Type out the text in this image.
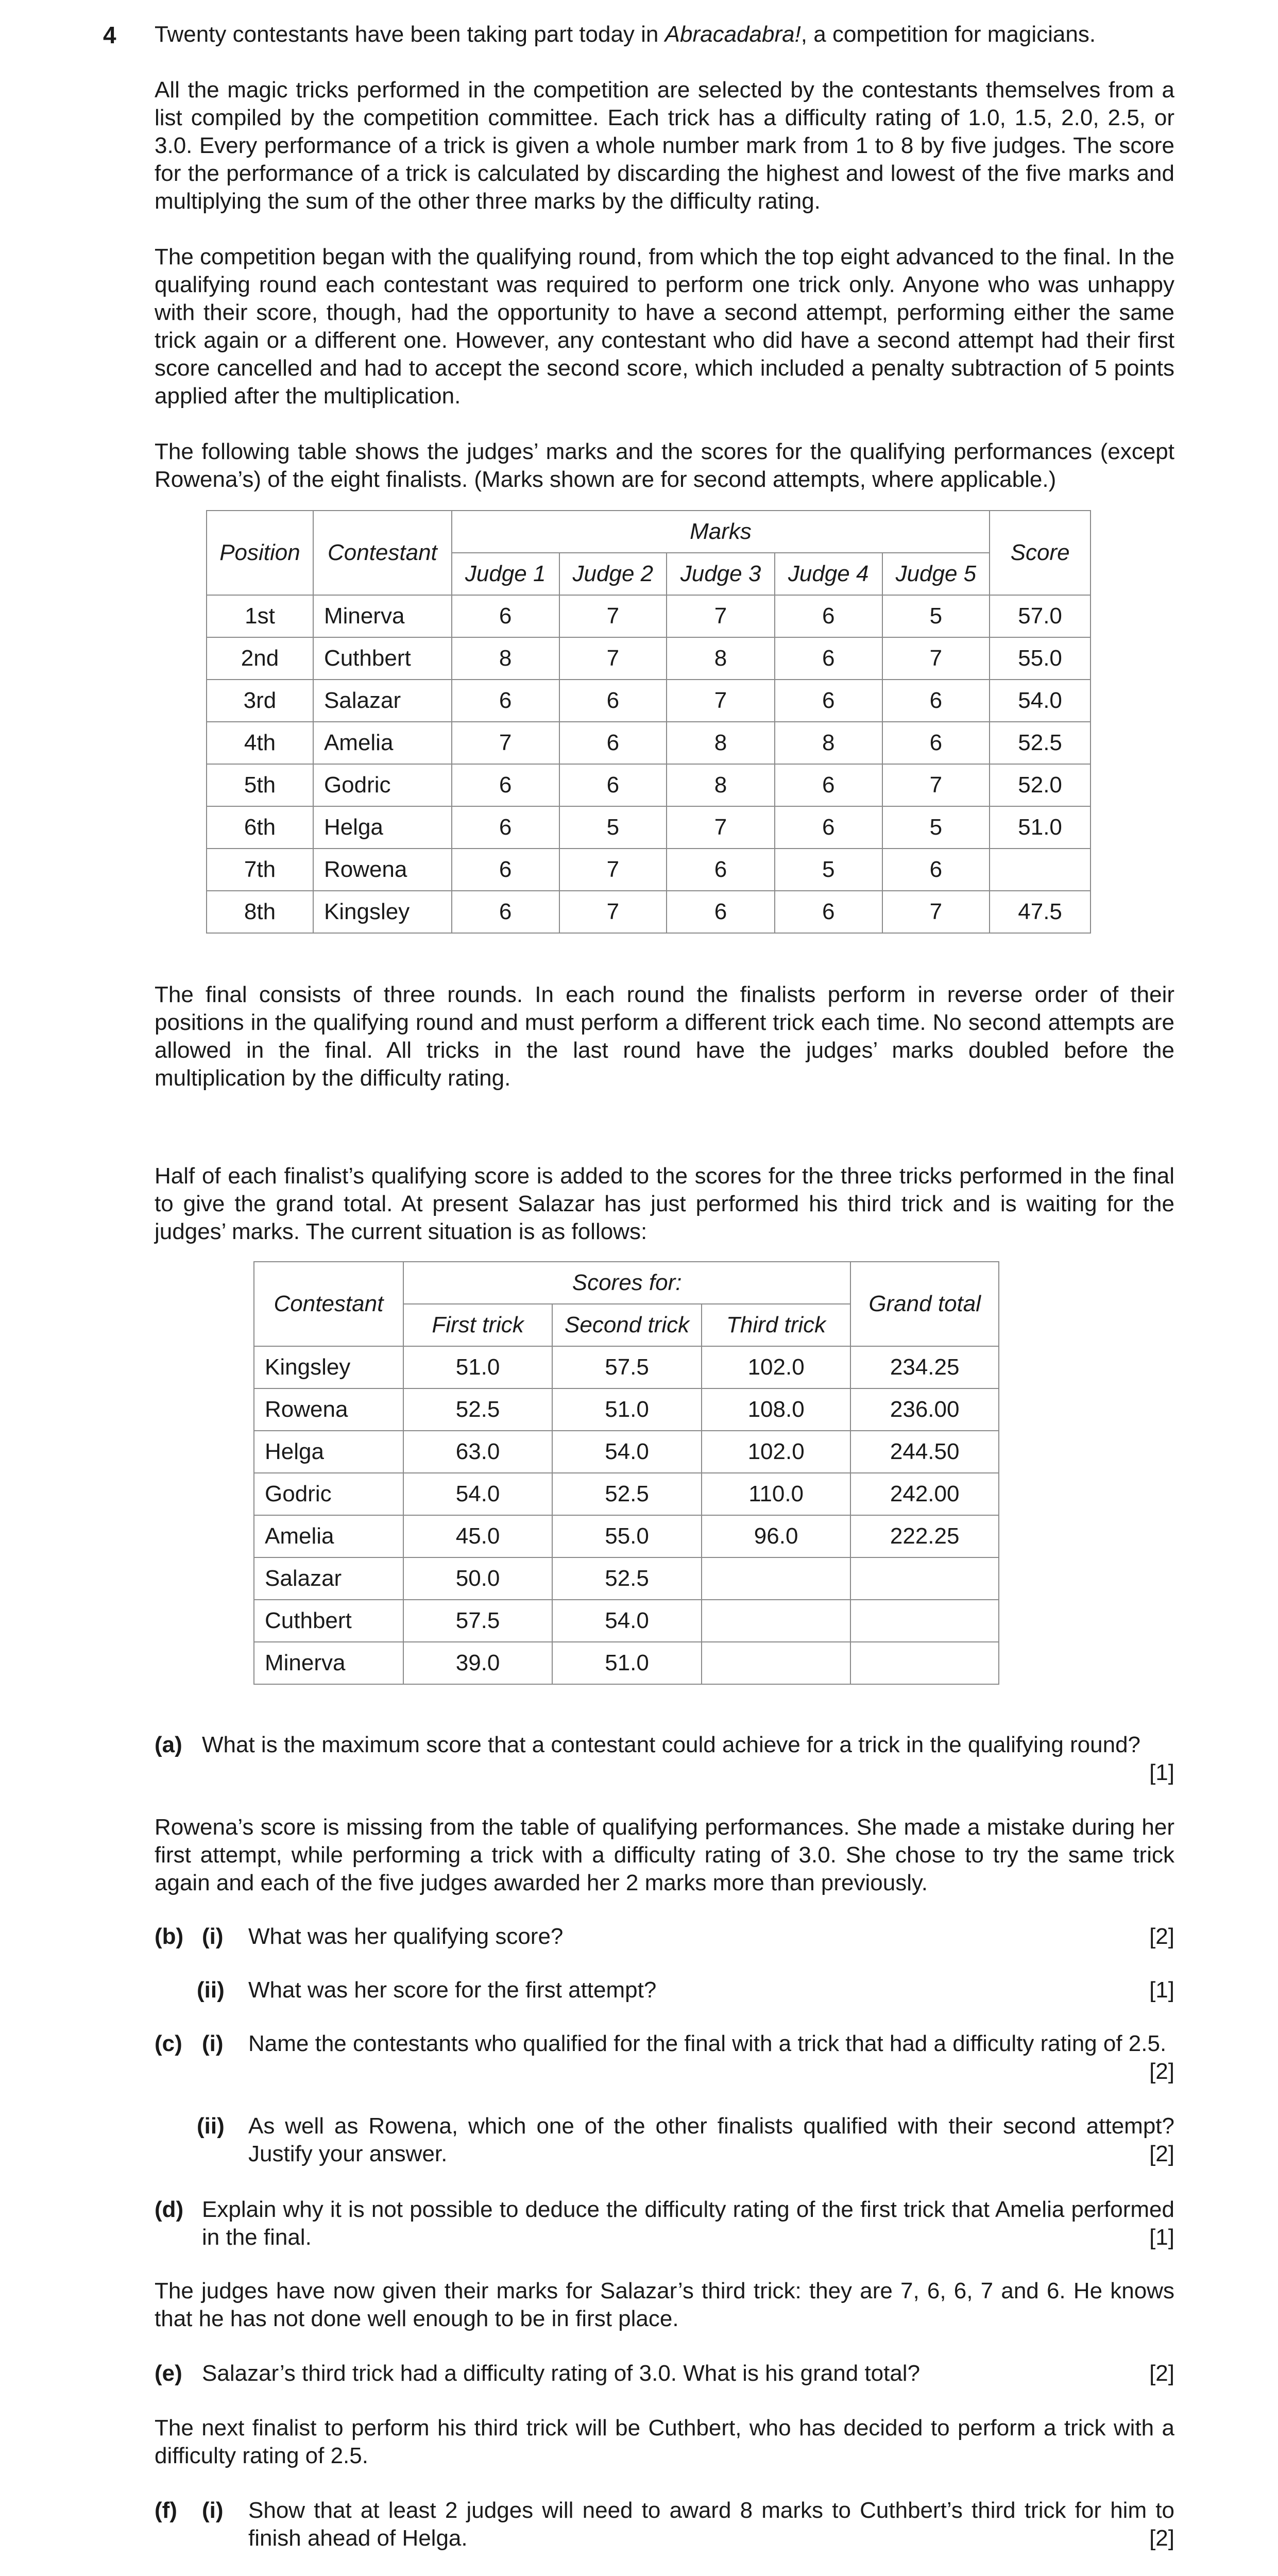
4 Twenty contestants have been taking part today in Abracadabra!, a competition for magicians.

All the magic tricks performed in the competition are selected by the contestants themselves from a list compiled by the competition committee. Each trick has a difficulty rating of 1.0, 1.5, 2.0, 2.5, or 3.0. Every performance of a trick is given a whole number mark from 1 to 8 by five judges. The score for the performance of a trick is calculated by discarding the highest and lowest of the five marks and multiplying the sum of the other three marks by the difficulty rating.

The competition began with the qualifying round, from which the top eight advanced to the final. In the qualifying round each contestant was required to perform one trick only. Anyone who was unhappy with their score, though, had the opportunity to have a second attempt, performing either the same trick again or a different one. However, any contestant who did have a second attempt had their first score cancelled and had to accept the second score, which included a penalty subtraction of 5 points applied after the multiplication.

The following table shows the judges’ marks and the scores for the qualifying performances (except Rowena’s) of the eight finalists. (Marks shown are for second attempts, where applicable.)

Position	Contestant	Marks					Score
		Judge 1	Judge 2	Judge 3	Judge 4	Judge 5	
1st	Minerva	6	7	7	6	5	57.0
2nd	Cuthbert	8	7	8	6	7	55.0
3rd	Salazar	6	6	7	6	6	54.0
4th	Amelia	7	6	8	8	6	52.5
5th	Godric	6	6	8	6	7	52.0
6th	Helga	6	5	7	6	5	51.0
7th	Rowena	6	7	6	5	6	
8th	Kingsley	6	7	6	6	7	47.5

The final consists of three rounds. In each round the finalists perform in reverse order of their positions in the qualifying round and must perform a different trick each time. No second attempts are allowed in the final. All tricks in the last round have the judges’ marks doubled before the multiplication by the difficulty rating.

Half of each finalist’s qualifying score is added to the scores for the three tricks performed in the final to give the grand total. At present Salazar has just performed his third trick and is waiting for the judges’ marks. The current situation is as follows:

Contestant	Scores for:			Grand total
	First trick	Second trick	Third trick	
Kingsley	51.0	57.5	102.0	234.25
Rowena	52.5	51.0	108.0	236.00
Helga	63.0	54.0	102.0	244.50
Godric	54.0	52.5	110.0	242.00
Amelia	45.0	55.0	96.0	222.25
Salazar	50.0	52.5		
Cuthbert	57.5	54.0		
Minerva	39.0	51.0		
(a) What is the maximum score that a contestant could achieve for a trick in the qualifying round?
[1]

Rowena’s score is missing from the table of qualifying performances. She made a mistake during her first attempt, while performing a trick with a difficulty rating of 3.0. She chose to try the same trick again and each of the five judges awarded her 2 marks more than previously.

(b) (i) What was her qualifying score?	[2]
(ii) What was her score for the first attempt?	[1]
(c) (i) Name the contestants who qualified for the final with a trick that had a difficulty rating of 2.5.
[2]
(ii) As well as Rowena, which one of the other finalists qualified with their second attempt? Justify your answer.	[2]
(d) Explain why it is not possible to deduce the difficulty rating of the first trick that Amelia performed in the final.	[1]

The judges have now given their marks for Salazar’s third trick: they are 7, 6, 6, 7 and 6. He knows that he has not done well enough to be in first place.

(e) Salazar’s third trick had a difficulty rating of 3.0. What is his grand total?	[2]

The next finalist to perform his third trick will be Cuthbert, who has decided to perform a trick with a difficulty rating of 2.5.

(f) (i) Show that at least 2 judges will need to award 8 marks to Cuthbert’s third trick for him to finish ahead of Helga.	[2]
